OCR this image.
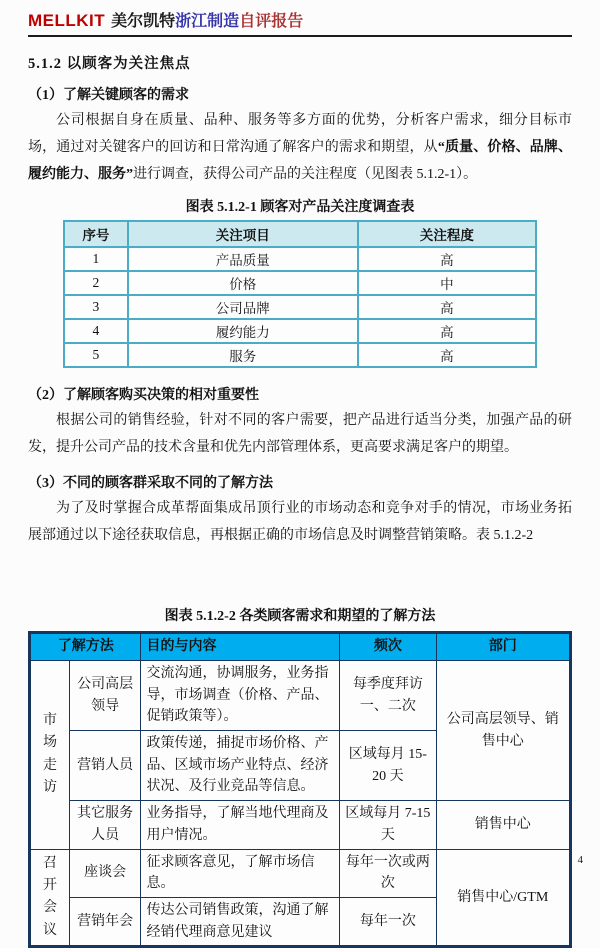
MELLKIT 美尔凯特浙江制造自评报告
5.1.2 以顾客为关注焦点
（1）了解关键顾客的需求

公司根据自身在质量、品种、服务等多方面的优势，分析客户需求，细分目标市场，通过对关键客户的回访和日常沟通了解客户的需求和期望，从“质量、价格、品牌、履约能力、服务”进行调查，获得公司产品的关注程度（见图表 5.1.2-1）。

图表 5.1.2-1 顾客对产品关注度调查表
序号	关注项目	关注程度
1	产品质量	高
2	价格	中
3	公司品牌	高
4	履约能力	高
5	服务	高
（2）了解顾客购买决策的相对重要性

根据公司的销售经验，针对不同的客户需要，把产品进行适当分类，加强产品的研发，提升公司产品的技术含量和优先内部管理体系，更高要求满足客户的期望。

（3）不同的顾客群采取不同的了解方法

为了及时掌握合成革帮面集成吊顶行业的市场动态和竞争对手的情况，市场业务拓展部通过以下途径获取信息，再根据正确的市场信息及时调整营销策略。表 5.1.2-2

图表 5.1.2-2 各类顾客需求和期望的了解方法
了解方法		目的与内容	频次	部门

市场走访	公司高层领导	交流沟通，协调服务，业务指导，市场调查（价格、产品、促销政策等）。	每季度拜访一、二次	公司高层领导、销售中心
	营销人员	政策传递，捕捉市场价格、产品、区域市场产业特点、经济状况、及行业竞品等信息。	区域每月 15-20 天	
	其它服务人员	业务指导，了解当地代理商及用户情况。	区域每月 7-15 天	销售中心

召开会议	座谈会	征求顾客意见，了解市场信息。	每年一次或两次	销售中心/GTM
	营销年会	传达公司销售政策，沟通了解经销代理商意见建议	每年一次	
4
